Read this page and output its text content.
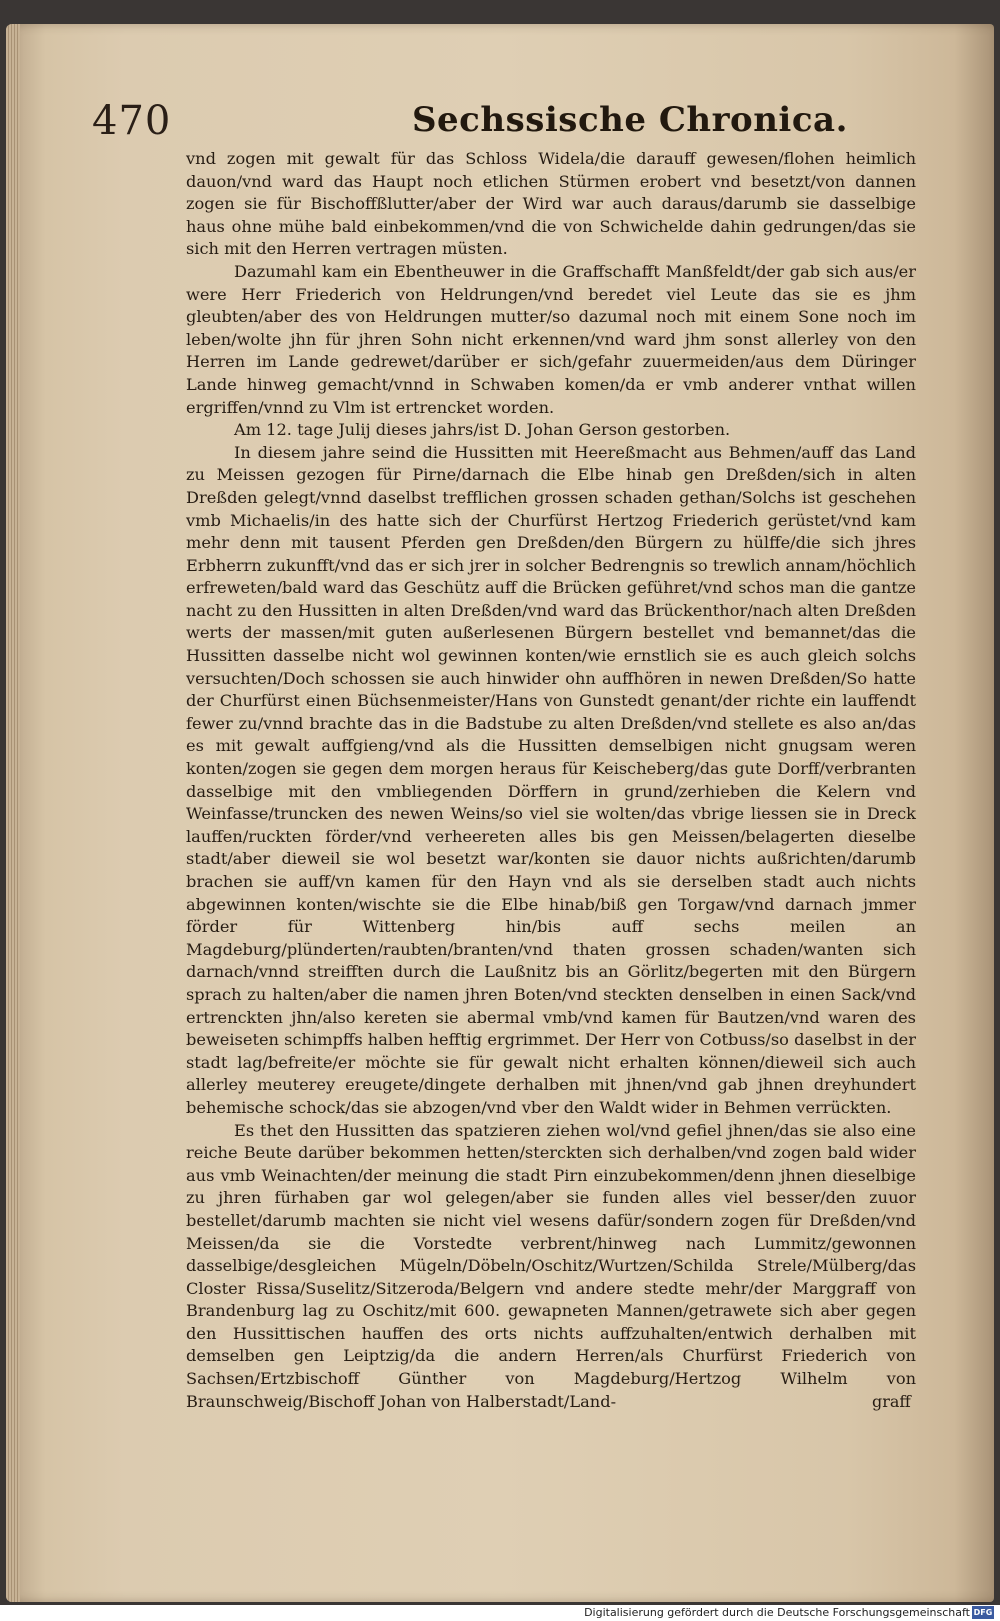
470	Sechssische Chronica.

vnd zogen mit gewalt für das Schloss Widela/die darauff gewesen/flohen heimlich dauon/vnd ward das Haupt noch etlichen Stürmen erobert vnd besetzt/von dannen zogen sie für Bischoffßlutter/aber der Wird war auch daraus/darumb sie dasselbige haus ohne mühe bald einbekommen/vnd die von Schwichelde dahin gedrungen/das sie sich mit den Herren vertragen müsten.

Dazumahl kam ein Ebentheuwer in die Graffschafft Manßfeldt/der gab sich aus/er were Herr Friederich von Heldrungen/vnd beredet viel Leute das sie es jhm gleubten/aber des von Heldrungen mutter/so dazumal noch mit einem Sone noch im leben/wolte jhn für jhren Sohn nicht erkennen/vnd ward jhm sonst allerley von den Herren im Lande gedrewet/darüber er sich/gefahr zuuermeiden/aus dem Düringer Lande hinweg gemacht/vnnd in Schwaben komen/da er vmb anderer vnthat willen ergriffen/vnnd zu Vlm ist ertrencket worden.

Am 12. tage Julij dieses jahrs/ist D. Johan Gerson gestorben.

In diesem jahre seind die Hussitten mit Heereßmacht aus Behmen/auff das Land zu Meissen gezogen für Pirne/darnach die Elbe hinab gen Dreßden/sich in alten Dreßden gelegt/vnnd daselbst trefflichen grossen schaden gethan/Solchs ist geschehen vmb Michaelis/in des hatte sich der Churfürst Hertzog Friederich gerüstet/vnd kam mehr denn mit tausent Pferden gen Dreßden/den Bürgern zu hülffe/die sich jhres Erbherrn zukunfft/vnd das er sich jrer in solcher Bedrengnis so trewlich annam/höchlich erfreweten/bald ward das Geschütz auff die Brücken geführet/vnd schos man die gantze nacht zu den Hussitten in alten Dreßden/vnd ward das Brückenthor/nach alten Dreßden werts der massen/mit guten außerlesenen Bürgern bestellet vnd bemannet/das die Hussitten dasselbe nicht wol gewinnen konten/wie ernstlich sie es auch gleich solchs versuchten/Doch schossen sie auch hinwider ohn auffhören in newen Dreßden/So hatte der Churfürst einen Büchsenmeister/Hans von Gunstedt genant/der richte ein lauffendt fewer zu/vnnd brachte das in die Badstube zu alten Dreßden/vnd stellete es also an/das es mit gewalt auffgieng/vnd als die Hussitten demselbigen nicht gnugsam weren konten/zogen sie gegen dem morgen heraus für Keischeberg/das gute Dorff/verbranten dasselbige mit den vmbliegenden Dörffern in grund/zerhieben die Kelern vnd Weinfasse/truncken des newen Weins/so viel sie wolten/das vbrige liessen sie in Dreck lauffen/ruckten förder/vnd verheereten alles bis gen Meissen/belagerten dieselbe stadt/aber dieweil sie wol besetzt war/konten sie dauor nichts außrichten/darumb brachen sie auff/vn kamen für den Hayn vnd als sie derselben stadt auch nichts abgewinnen konten/wischte sie die Elbe hinab/biß gen Torgaw/vnd darnach jmmer förder für Wittenberg hin/bis auff sechs meilen an Magdeburg/plünderten/raubten/branten/vnd thaten grossen schaden/wanten sich darnach/vnnd streifften durch die Laußnitz bis an Görlitz/begerten mit den Bürgern sprach zu halten/aber die namen jhren Boten/vnd steckten denselben in einen Sack/vnd ertrenckten jhn/also kereten sie abermal vmb/vnd kamen für Bautzen/vnd waren des beweiseten schimpffs halben hefftig ergrimmet. Der Herr von Cotbuss/so daselbst in der stadt lag/befreite/er möchte sie für gewalt nicht erhalten können/dieweil sich auch allerley meuterey ereugete/dingete derhalben mit jhnen/vnd gab jhnen dreyhundert behemische schock/das sie abzogen/vnd vber den Waldt wider in Behmen verrückten.

Es thet den Hussitten das spatzieren ziehen wol/vnd gefiel jhnen/das sie also eine reiche Beute darüber bekommen hetten/sterckten sich derhalben/vnd zogen bald wider aus vmb Weinachten/der meinung die stadt Pirn einzubekommen/denn jhnen dieselbige zu jhren fürhaben gar wol gelegen/aber sie funden alles viel besser/den zuuor bestellet/darumb machten sie nicht viel wesens dafür/sondern zogen für Dreßden/vnd Meissen/da sie die Vorstedte verbrent/hinweg nach Lummitz/gewonnen dasselbige/desgleichen Mügeln/Döbeln/Oschitz/Wurtzen/Schilda Strele/Mülberg/das Closter Rissa/Suselitz/Sitzeroda/Belgern vnd andere stedte mehr/der Marggraff von Brandenburg lag zu Oschitz/mit 600. gewapneten Mannen/getrawete sich aber gegen den Hussittischen hauffen des orts nichts auffzuhalten/entwich derhalben mit demselben gen Leiptzig/da die andern Herren/als Churfürst Friederich von Sachsen/Ertzbischoff Günther von Magdeburg/Hertzog Wilhelm von Braunschweig/Bischoff Johan von Halberstadt/Land-	graff
Digitalisierung gefördert durch die Deutsche Forschungsgemeinschaft DFG
